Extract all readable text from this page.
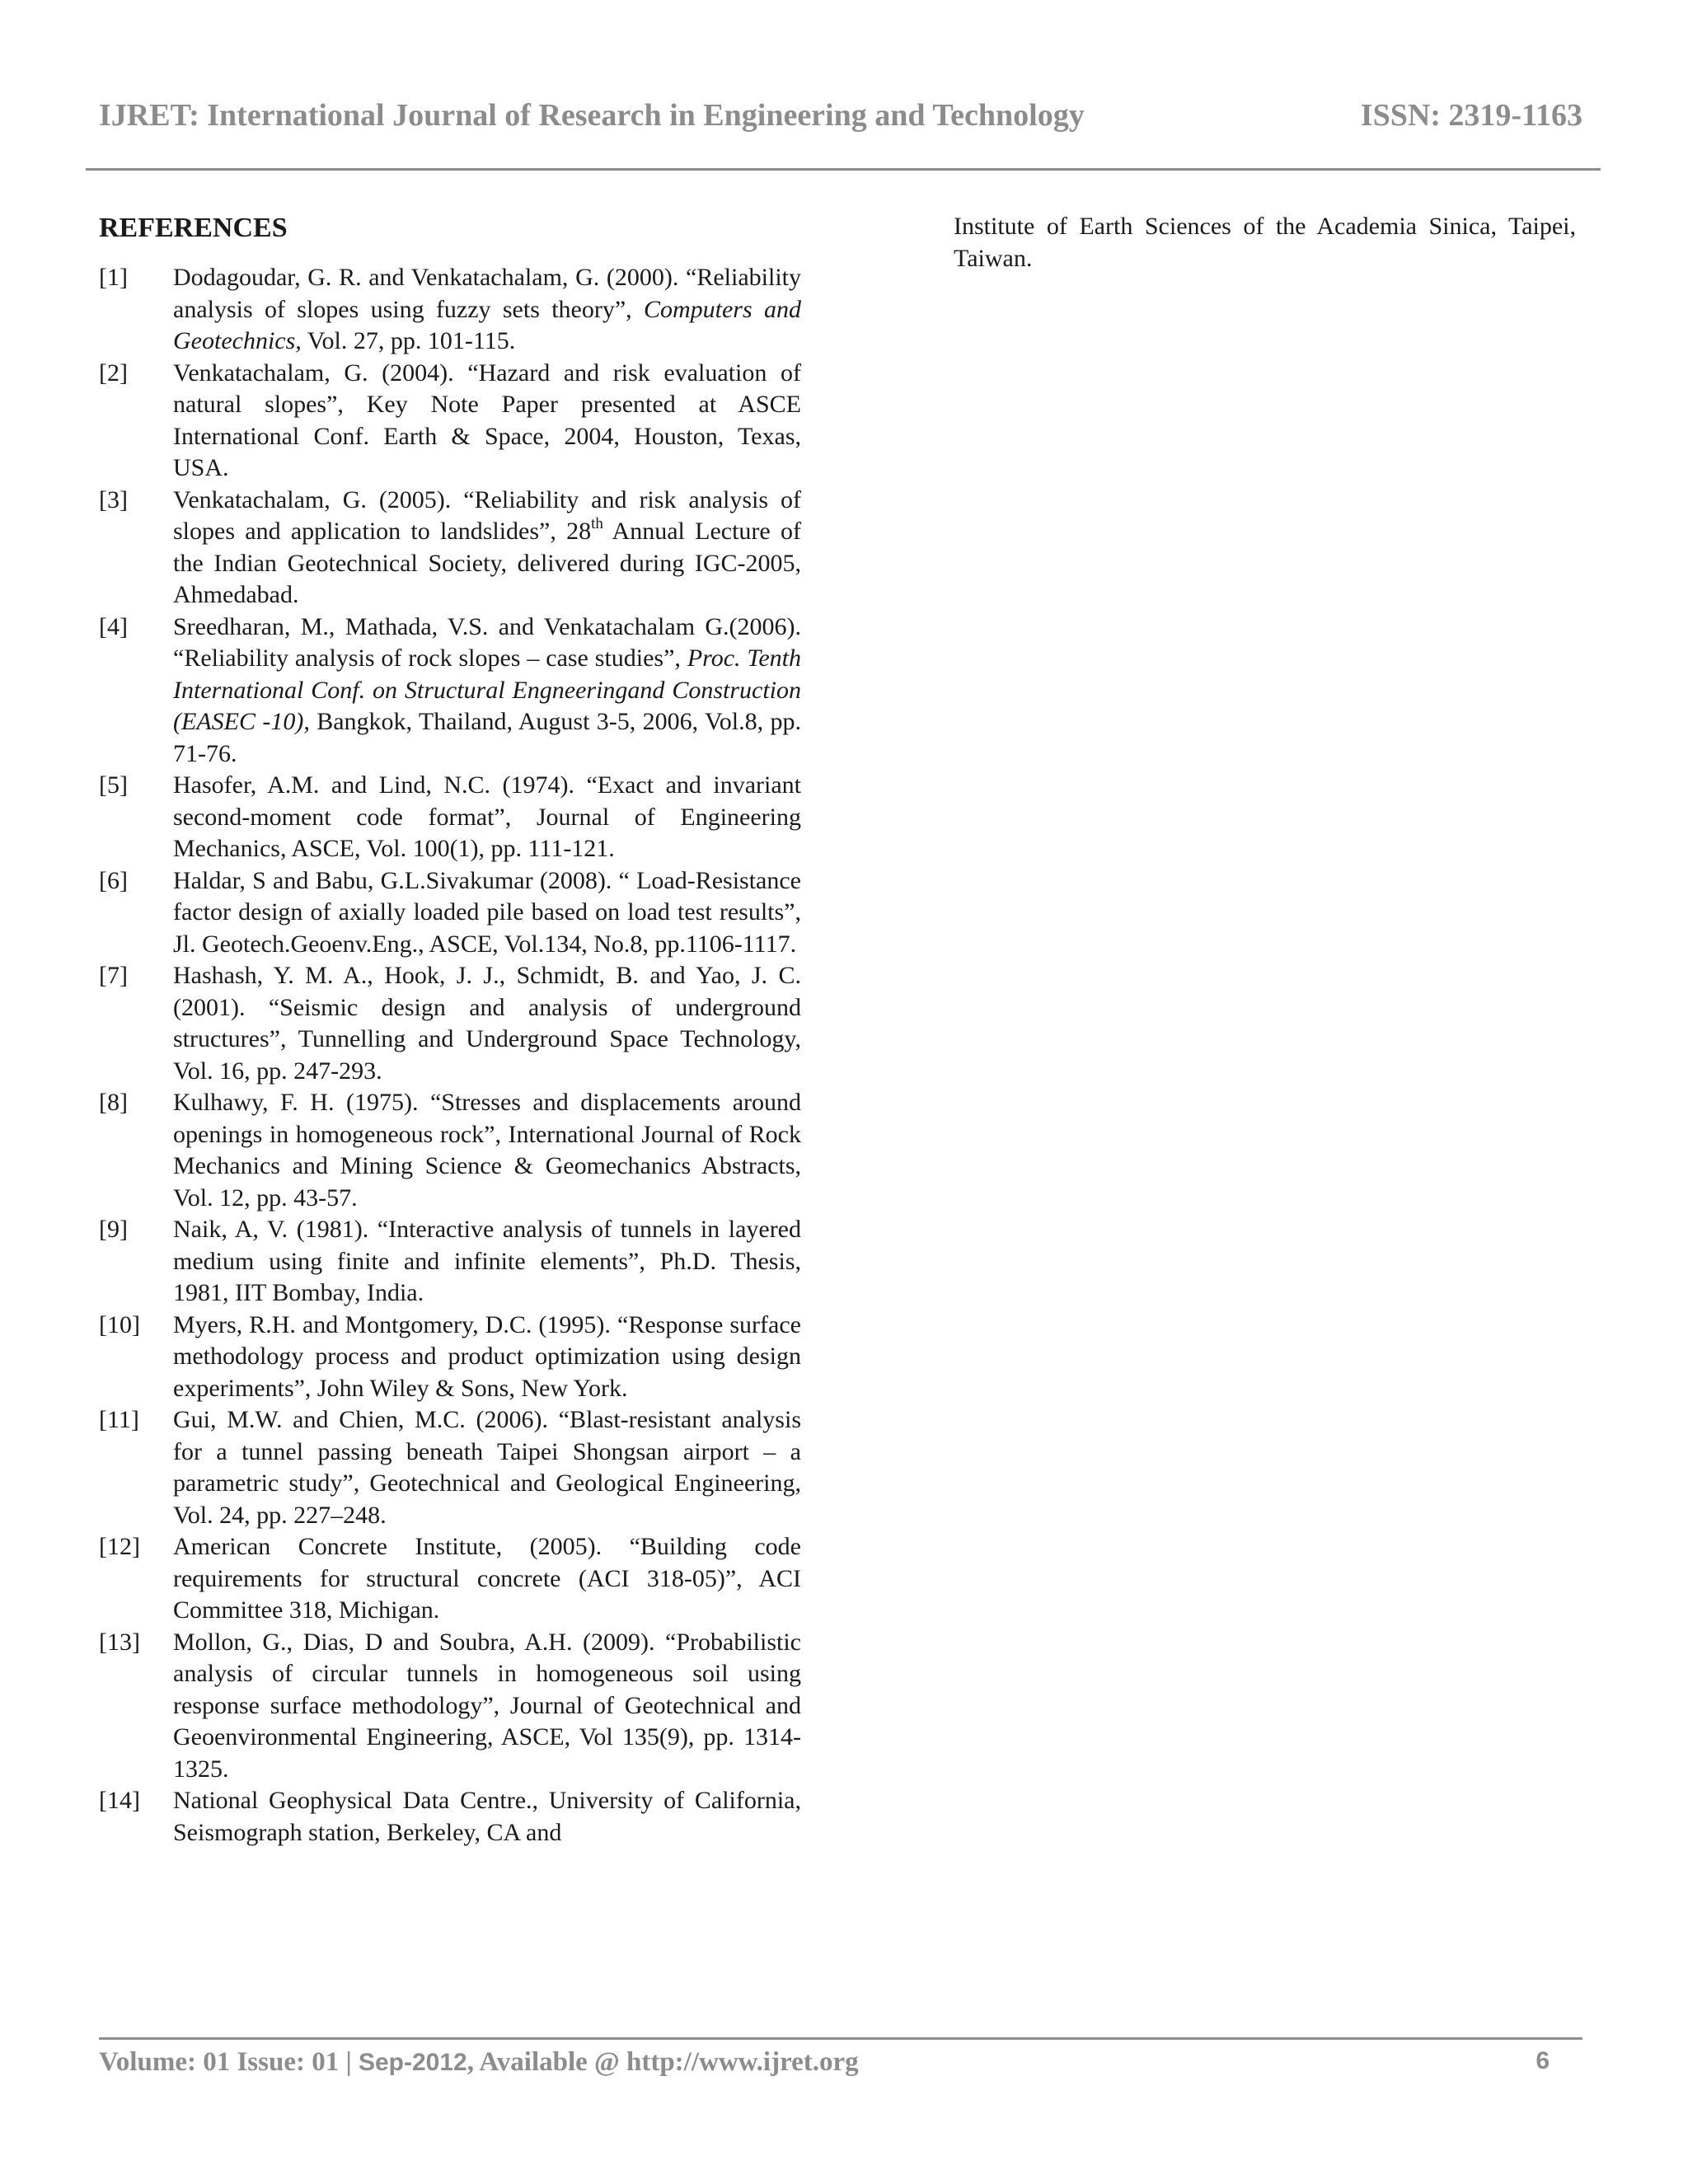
IJRET: International Journal of Research in Engineering and Technology	ISSN: 2319-1163
REFERENCES
[1] Dodagoudar, G. R. and Venkatachalam, G. (2000). “Reliability analysis of slopes using fuzzy sets theory”, Computers and Geotechnics, Vol. 27, pp. 101-115.
[2] Venkatachalam, G. (2004). “Hazard and risk evaluation of natural slopes”, Key Note Paper presented at ASCE International Conf. Earth & Space, 2004, Houston, Texas, USA.
[3] Venkatachalam, G. (2005). “Reliability and risk analysis of slopes and application to landslides”, 28th Annual Lecture of the Indian Geotechnical Society, delivered during IGC-2005, Ahmedabad.
[4] Sreedharan, M., Mathada, V.S. and Venkatachalam G.(2006). “Reliability analysis of rock slopes – case studies”, Proc. Tenth International Conf. on Structural Engneeringand Construction (EASEC -10), Bangkok, Thailand, August 3-5, 2006, Vol.8, pp. 71-76.
[5] Hasofer, A.M. and Lind, N.C. (1974). “Exact and invariant second-moment code format”, Journal of Engineering Mechanics, ASCE, Vol. 100(1), pp. 111-121.
[6] Haldar, S and Babu, G.L.Sivakumar (2008). “ Load-Resistance factor design of axially loaded pile based on load test results”, Jl. Geotech.Geoenv.Eng., ASCE, Vol.134, No.8, pp.1106-1117.
[7] Hashash, Y. M. A., Hook, J. J., Schmidt, B. and Yao, J. C. (2001). “Seismic design and analysis of underground structures”, Tunnelling and Underground Space Technology, Vol. 16, pp. 247-293.
[8] Kulhawy, F. H. (1975). “Stresses and displacements around openings in homogeneous rock”, International Journal of Rock Mechanics and Mining Science & Geomechanics Abstracts, Vol. 12, pp. 43-57.
[9] Naik, A, V. (1981). “Interactive analysis of tunnels in layered medium using finite and infinite elements”, Ph.D. Thesis, 1981, IIT Bombay, India.
[10] Myers, R.H. and Montgomery, D.C. (1995). “Response surface methodology process and product optimization using design experiments”, John Wiley & Sons, New York.
[11] Gui, M.W. and Chien, M.C. (2006). “Blast-resistant analysis for a tunnel passing beneath Taipei Shongsan airport – a parametric study”, Geotechnical and Geological Engineering, Vol. 24, pp. 227–248.
[12] American Concrete Institute, (2005). “Building code requirements for structural concrete (ACI 318-05)”, ACI Committee 318, Michigan.
[13] Mollon, G., Dias, D and Soubra, A.H. (2009). “Probabilistic analysis of circular tunnels in homogeneous soil using response surface methodology”, Journal of Geotechnical and Geoenvironmental Engineering, ASCE, Vol 135(9), pp. 1314-1325.
[14] National Geophysical Data Centre., University of California, Seismograph station, Berkeley, CA and
Institute of Earth Sciences of the Academia Sinica, Taipei, Taiwan.
Volume: 01 Issue: 01 | Sep-2012, Available @ http://www.ijret.org	6
